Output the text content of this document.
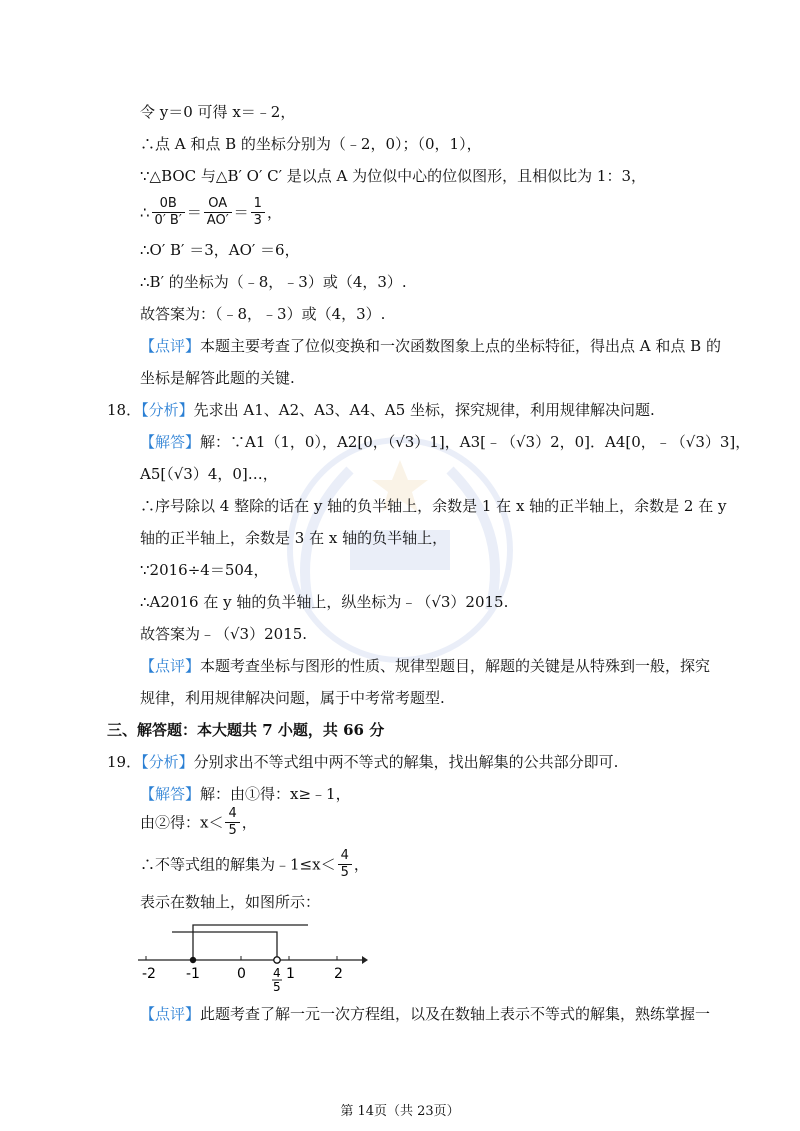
令 y＝0 可得 x＝﹣2，
∴点 A 和点 B 的坐标分别为（﹣2，0）；（0，1），
∵△BOC 与△B′ O′ C′ 是以点 A 为位似中心的位似图形，且相似比为 1：3，
∴ $\frac{0B}{0' B'} = \frac{OA}{AO'} = \frac{1}{3}$ ，
∴O′ B′ ＝3，AO′ ＝6，
∴B′ 的坐标为（﹣8，﹣3）或（4，3）.
故答案为：（﹣8，﹣3）或（4，3）.
【点评】本题主要考查了位似变换和一次函数图象上点的坐标特征，得出点 A 和点 B 的
坐标是解答此题的关键.
18．【分析】先求出 A1、A2、A3、A4、A5 坐标，探究规律，利用规律解决问题.
【解答】解：∵A1（1，0），A2[0，（√3）1]，A3[﹣（√3）2，0]．A4[0，﹣（√3）3]，
A5[（√3）4，0]…，
∴序号除以 4 整除的话在 y 轴的负半轴上，余数是 1 在 x 轴的正半轴上，余数是 2 在 y
轴的正半轴上，余数是 3 在 x 轴的负半轴上，
∵2016÷4＝504，
∴A2016 在 y 轴的负半轴上，纵坐标为﹣（√3）2015.
故答案为﹣（√3）2015.
【点评】本题考查坐标与图形的性质、规律型题目，解题的关键是从特殊到一般，探究
规律，利用规律解决问题，属于中考常考题型.
三、解答题：本大题共 7 小题，共 66 分
19．【分析】分别求出不等式组中两不等式的解集，找出解集的公共部分即可.
【解答】解：由①得：x≥﹣1，
由②得：$x< \frac{4}{5}$ ，
∴不等式组的解集为﹣1≤x＜ $\frac{4}{5}$ ，
表示在数轴上，如图所示：
-2 -1	0	1	2
4
5
【点评】此题考查了解一元一次方程组，以及在数轴上表示不等式的解集，熟练掌握一
第 14页（共 23页）
